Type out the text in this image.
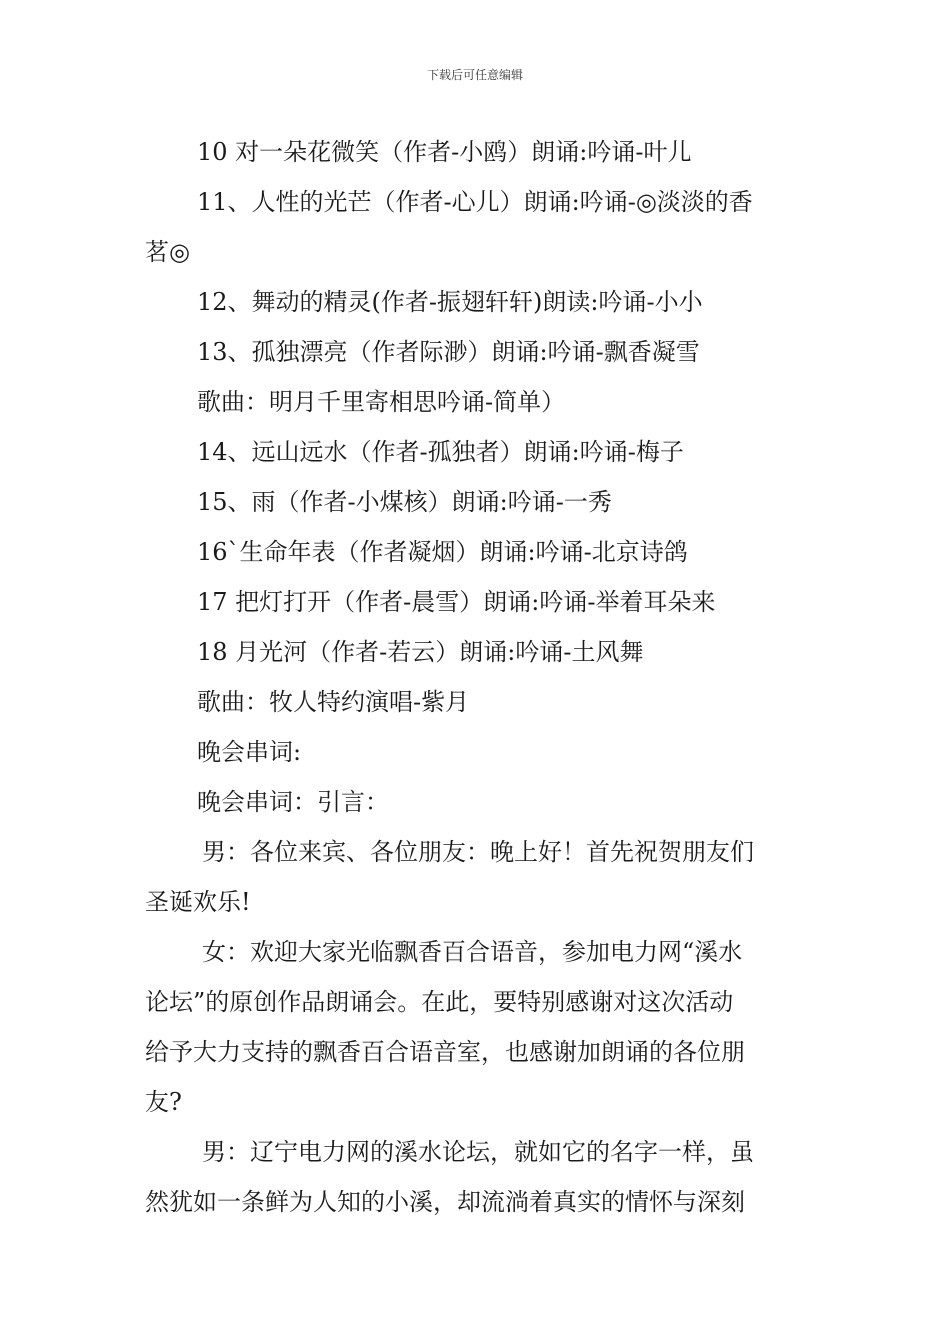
下载后可任意编辑
10 对一朵花微笑（作者-小鸥）朗诵:吟诵-叶儿
11、人性的光芒（作者-心儿）朗诵:吟诵-◎淡淡的香
茗◎
12、舞动的精灵(作者-振翅轩轩)朗读:吟诵-小小
13、孤独漂亮（作者际渺）朗诵:吟诵-飘香凝雪
歌曲：明月千里寄相思吟诵-简单）
14、远山远水（作者-孤独者）朗诵:吟诵-梅子
15、雨（作者-小煤核）朗诵:吟诵-一秀
16`生命年表（作者凝烟）朗诵:吟诵-北京诗鸽
17 把灯打开（作者-晨雪）朗诵:吟诵-举着耳朵来
18 月光河（作者-若云）朗诵:吟诵-土风舞
歌曲：牧人特约演唱-紫月
晚会串词:
晚会串词：引言：
男：各位来宾、各位朋友：晚上好！首先祝贺朋友们
圣诞欢乐!
女：欢迎大家光临飘香百合语音，参加电力网“溪水
论坛”的原创作品朗诵会。在此，要特别感谢对这次活动
给予大力支持的飘香百合语音室，也感谢加朗诵的各位朋
友?
男：辽宁电力网的溪水论坛，就如它的名字一样，虽
然犹如一条鲜为人知的小溪，却流淌着真实的情怀与深刻
